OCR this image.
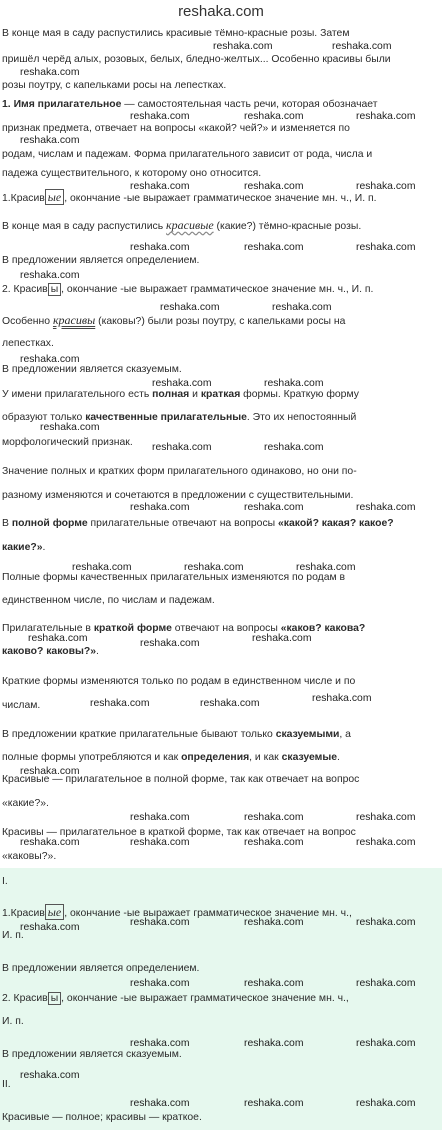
reshaka.com
В конце мая в саду распустились красивые тёмно-красные розы. Затем
пришёл черёд алых, розовых, белых, бледно-желтых... Особенно красивы были
розы поутру, с капельками росы на лепестках.
1. Имя прилагательное — самостоятельная часть речи, которая обозначает
признак предмета, отвечает на вопросы «какой? чей?» и изменяется по
родам, числам и падежам. Форма прилагательного зависит от рода, числа и
падежа существительного, к которому оно относится.
1.Красив ые , окончание -ые выражает грамматическое значение мн. ч., И. п.
В конце мая в саду распустились красивые (какие?) тёмно-красные розы.
В предложении является определением.
2. Красив ы , окончание -ые выражает грамматическое значение мн. ч., И. п.
Особенно красивы (каковы?) были розы поутру, с капельками росы на
лепестках.
В предложении является сказуемым.
У имени прилагательного есть полная и краткая формы. Краткую форму
образуют только качественные прилагательные. Это их непостоянный
морфологический признак.
Значение полных и кратких форм прилагательного одинаково, но они по-
разному изменяются и сочетаются в предложении с существительными.
В полной форме прилагательные отвечают на вопросы «какой? какая? какое?
какие?».
Полные формы качественных прилагательных изменяются по родам в
единственном числе, по числам и падежам.
Прилагательные в краткой форме отвечают на вопросы «каков? какова?
каково? каковы?».
Краткие формы изменяются только по родам в единственном числе и по
числам.
В предложении краткие прилагательные бывают только сказуемыми, а
полные формы употребляются и как определения, и как сказуемые.
Красивые — прилагательное в полной форме, так как отвечает на вопрос
«какие?».
Красивы — прилагательное в краткой форме, так как отвечает на вопрос
«каковы?».
I.
1.Красив ые , окончание -ые выражает грамматическое значение мн. ч.,
И. п.
В предложении является определением.
2. Красив ы , окончание -ые выражает грамматическое значение мн. ч.,
И. п.
В предложении является сказуемым.
II.
Красивые — полное; красивы — краткое.
reshaka.com	reshaka.com
reshaka.com
reshaka.com	reshaka.com	reshaka.com
reshaka.com
reshaka.com	reshaka.com	reshaka.com
reshaka.com	reshaka.com	reshaka.com
reshaka.com
reshaka.com	reshaka.com
reshaka.com
reshaka.com	reshaka.com
reshaka.com
reshaka.com	reshaka.com
reshaka.com	reshaka.com	reshaka.com
reshaka.com	reshaka.com	reshaka.com
reshaka.com	reshaka.com	reshaka.com
reshaka.com	reshaka.com	reshaka.com
reshaka.com
reshaka.com	reshaka.com	reshaka.com
reshaka.com	reshaka.com	reshaka.com	reshaka.com
reshaka.com	reshaka.com	reshaka.com	reshaka.com
reshaka.com	reshaka.com	reshaka.com
reshaka.com	reshaka.com	reshaka.com
reshaka.com
reshaka.com	reshaka.com	reshaka.com
